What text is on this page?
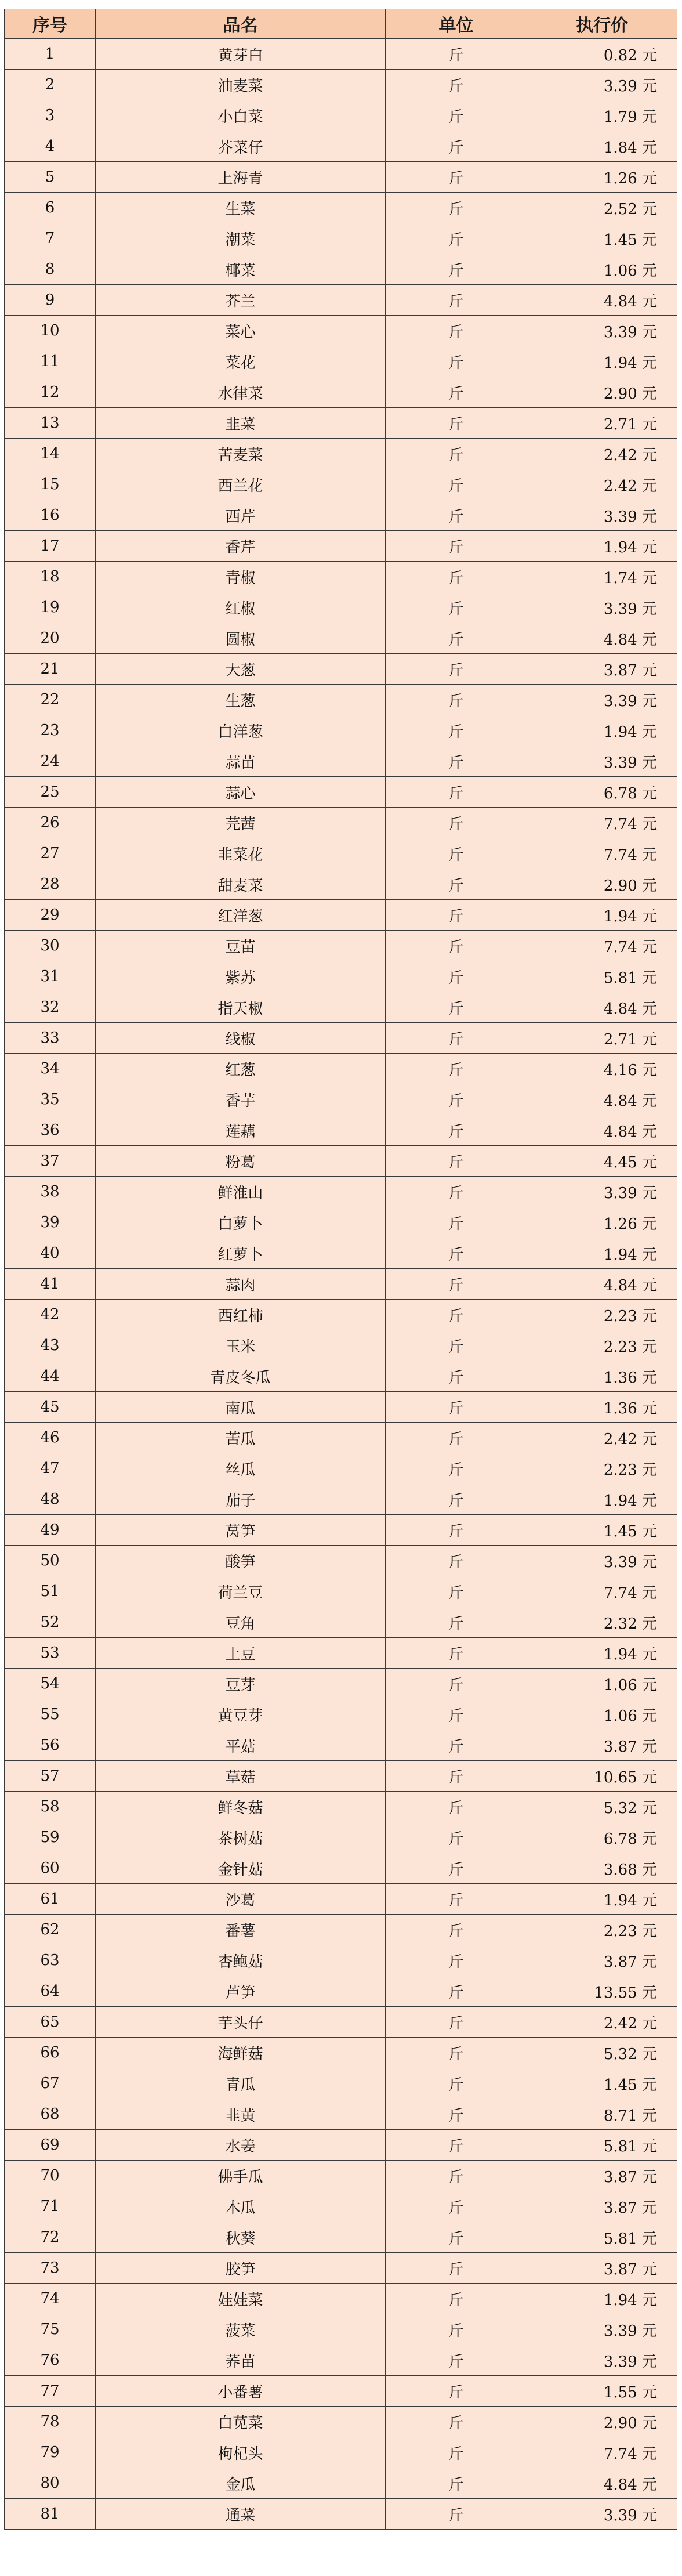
序号	品名	单位	执行价
1	黄芽白	斤	0.82 元
2	油麦菜	斤	3.39 元
3	小白菜	斤	1.79 元
4	芥菜仔	斤	1.84 元
5	上海青	斤	1.26 元
6	生菜	斤	2.52 元
7	潮菜	斤	1.45 元
8	椰菜	斤	1.06 元
9	芥兰	斤	4.84 元
10	菜心	斤	3.39 元
11	菜花	斤	1.94 元
12	水律菜	斤	2.90 元
13	韭菜	斤	2.71 元
14	苦麦菜	斤	2.42 元
15	西兰花	斤	2.42 元
16	西芹	斤	3.39 元
17	香芹	斤	1.94 元
18	青椒	斤	1.74 元
19	红椒	斤	3.39 元
20	圆椒	斤	4.84 元
21	大葱	斤	3.87 元
22	生葱	斤	3.39 元
23	白洋葱	斤	1.94 元
24	蒜苗	斤	3.39 元
25	蒜心	斤	6.78 元
26	芫茜	斤	7.74 元
27	韭菜花	斤	7.74 元
28	甜麦菜	斤	2.90 元
29	红洋葱	斤	1.94 元
30	豆苗	斤	7.74 元
31	紫苏	斤	5.81 元
32	指天椒	斤	4.84 元
33	线椒	斤	2.71 元
34	红葱	斤	4.16 元
35	香芋	斤	4.84 元
36	莲藕	斤	4.84 元
37	粉葛	斤	4.45 元
38	鲜淮山	斤	3.39 元
39	白萝卜	斤	1.26 元
40	红萝卜	斤	1.94 元
41	蒜肉	斤	4.84 元
42	西红柿	斤	2.23 元
43	玉米	斤	2.23 元
44	青皮冬瓜	斤	1.36 元
45	南瓜	斤	1.36 元
46	苦瓜	斤	2.42 元
47	丝瓜	斤	2.23 元
48	茄子	斤	1.94 元
49	莴笋	斤	1.45 元
50	酸笋	斤	3.39 元
51	荷兰豆	斤	7.74 元
52	豆角	斤	2.32 元
53	土豆	斤	1.94 元
54	豆芽	斤	1.06 元
55	黄豆芽	斤	1.06 元
56	平菇	斤	3.87 元
57	草菇	斤	10.65 元
58	鲜冬菇	斤	5.32 元
59	茶树菇	斤	6.78 元
60	金针菇	斤	3.68 元
61	沙葛	斤	1.94 元
62	番薯	斤	2.23 元
63	杏鲍菇	斤	3.87 元
64	芦笋	斤	13.55 元
65	芋头仔	斤	2.42 元
66	海鲜菇	斤	5.32 元
67	青瓜	斤	1.45 元
68	韭黄	斤	8.71 元
69	水姜	斤	5.81 元
70	佛手瓜	斤	3.87 元
71	木瓜	斤	3.87 元
72	秋葵	斤	5.81 元
73	胶笋	斤	3.87 元
74	娃娃菜	斤	1.94 元
75	菠菜	斤	3.39 元
76	荞苗	斤	3.39 元
77	小番薯	斤	1.55 元
78	白苋菜	斤	2.90 元
79	枸杞头	斤	7.74 元
80	金瓜	斤	4.84 元
81	通菜	斤	3.39 元
